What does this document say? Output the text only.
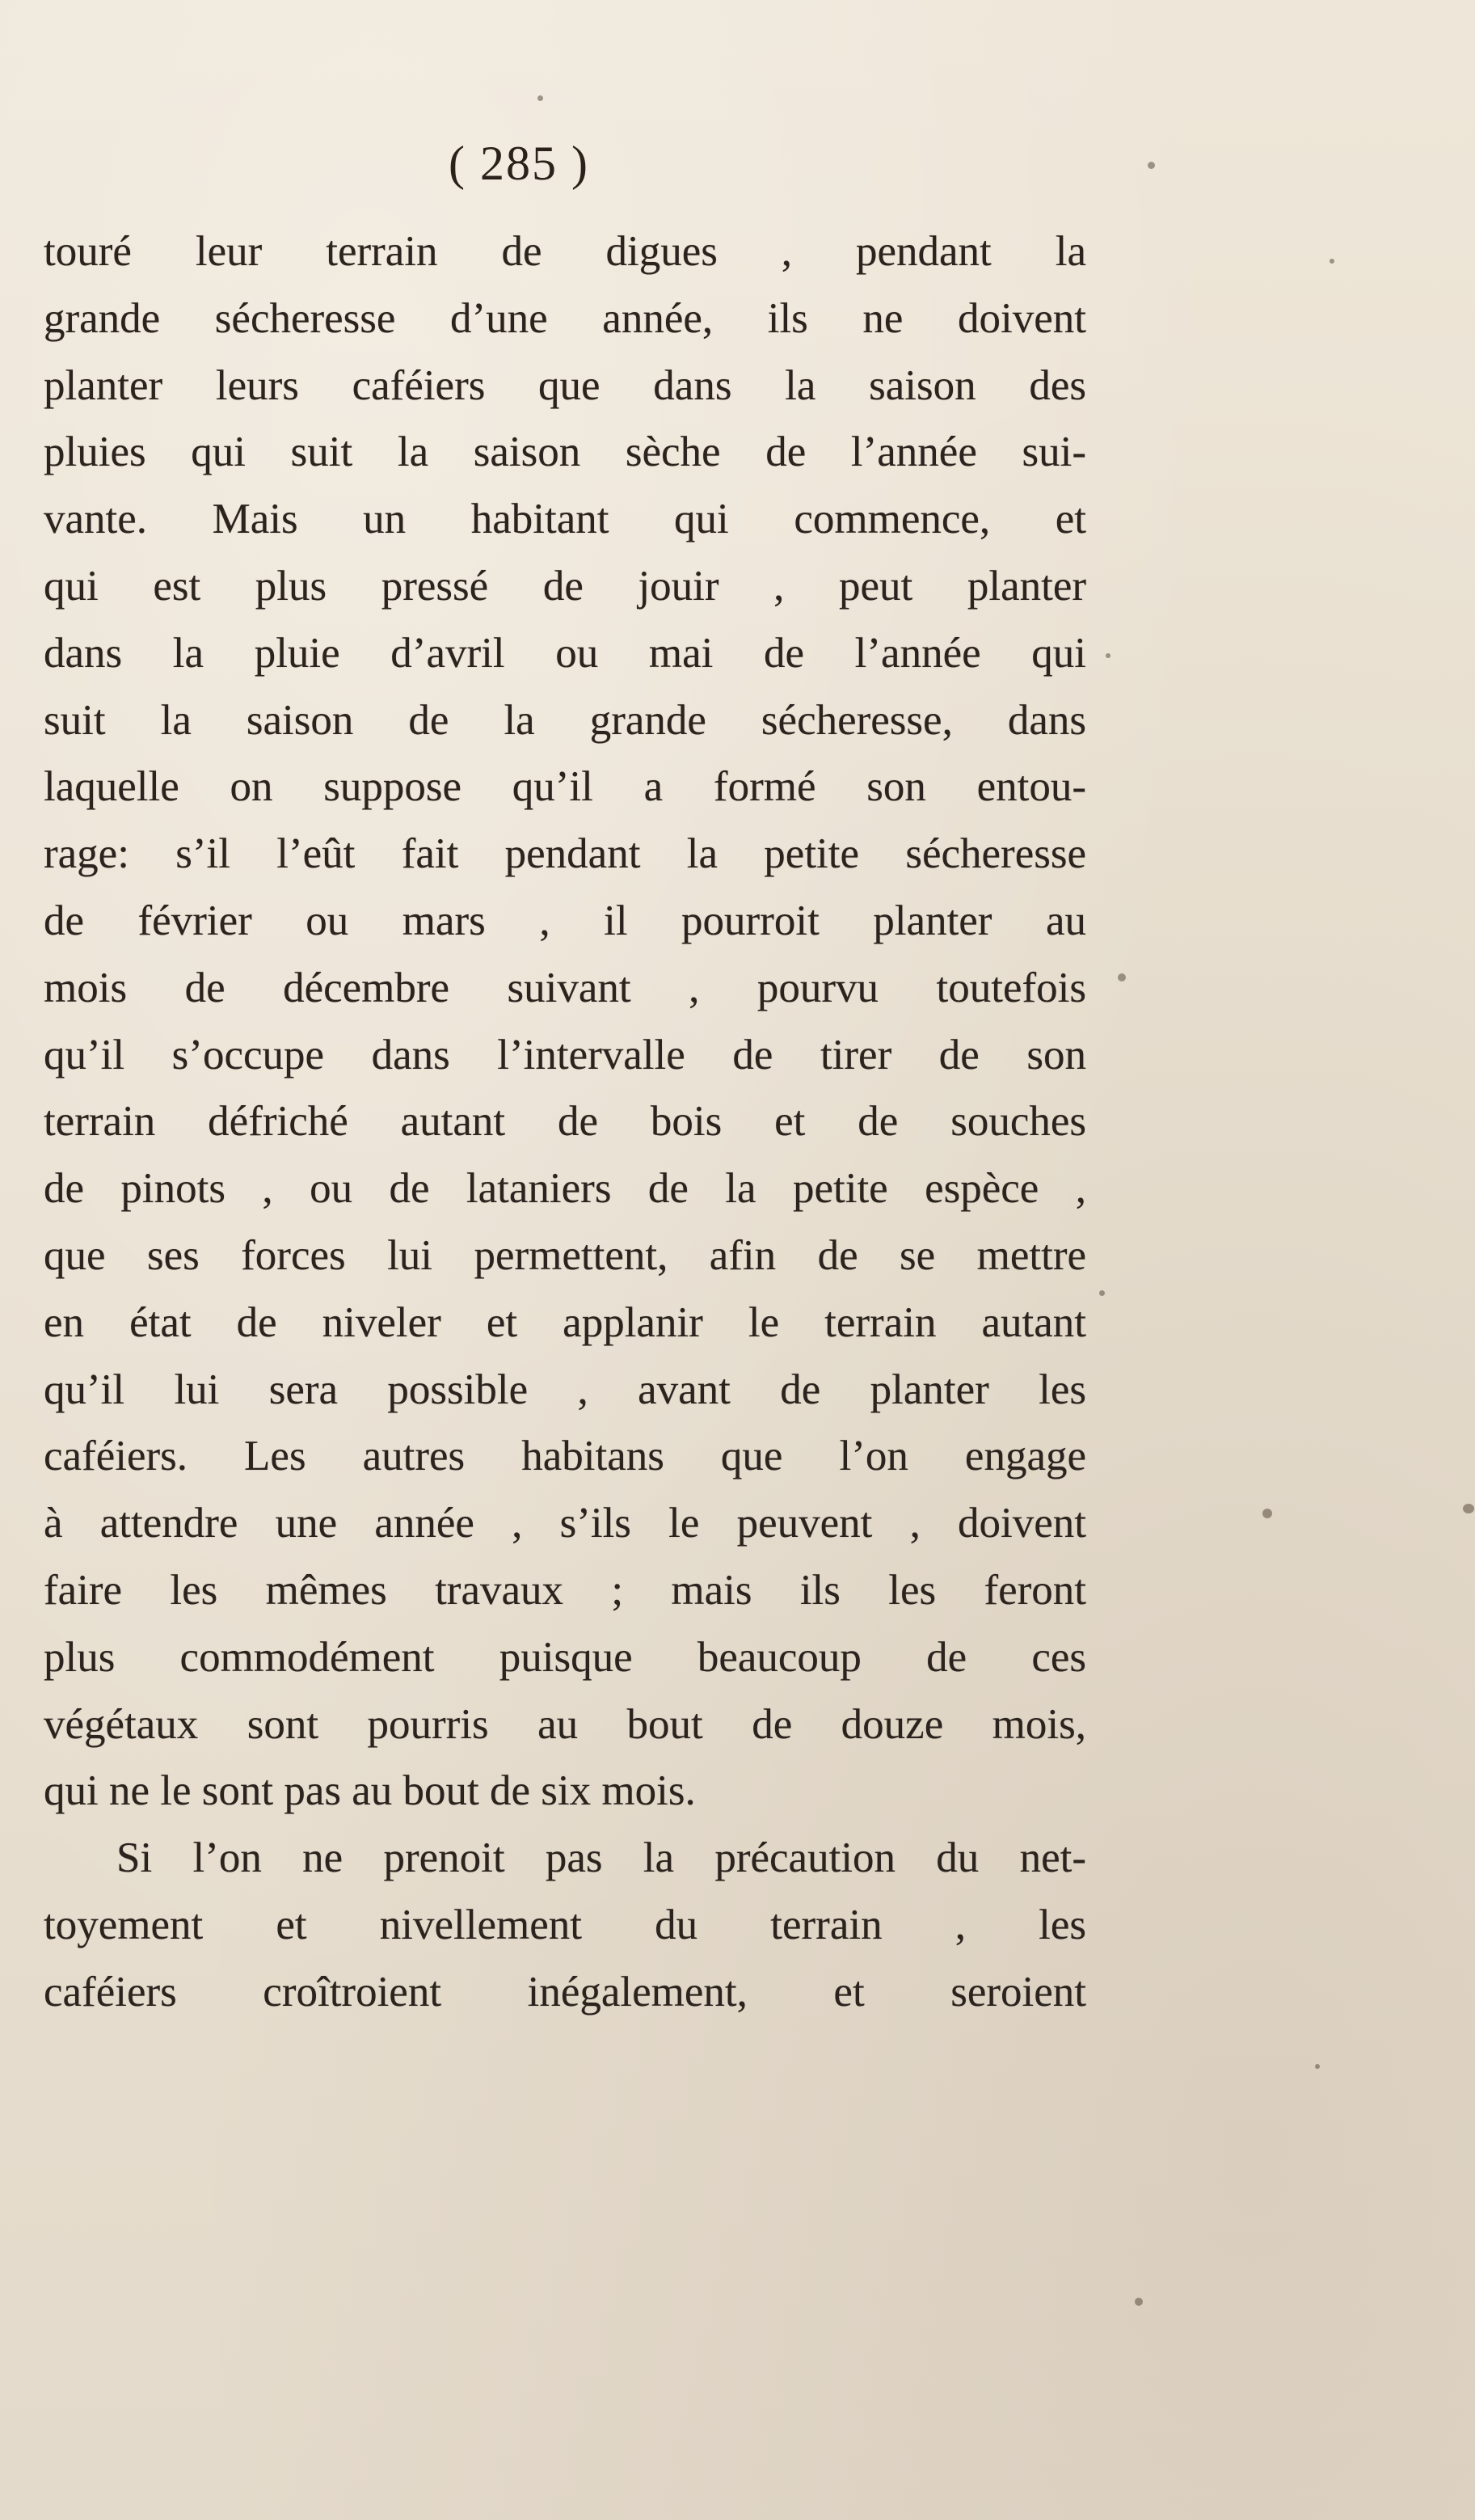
( 285 )
touré leur terrain de digues , pendant la
grande sécheresse d’une année, ils ne doivent
planter leurs caféiers que dans la saison des
pluies qui suit la saison sèche de l’année sui-
vante. Mais un habitant qui commence, et
qui est plus pressé de jouir , peut planter
dans la pluie d’avril ou mai de l’année qui
suit la saison de la grande sécheresse, dans
laquelle on suppose qu’il a formé son entou-
rage: s’il l’eût fait pendant la petite sécheresse
de février ou mars , il pourroit planter au
mois de décembre suivant , pourvu toutefois
qu’il s’occupe dans l’intervalle de tirer de son
terrain défriché autant de bois et de souches
de pinots , ou de lataniers de la petite espèce ,
que ses forces lui permettent, afin de se mettre
en état de niveler et applanir le terrain autant
qu’il lui sera possible , avant de planter les
caféiers. Les autres habitans que l’on engage
à attendre une année , s’ils le peuvent , doivent
faire les mêmes travaux ; mais ils les feront
plus commodément puisque beaucoup de ces
végétaux sont pourris au bout de douze mois,
qui ne le sont pas au bout de six mois.
Si l’on ne prenoit pas la précaution du net-
toyement et nivellement du terrain , les
caféiers croîtroient inégalement, et seroient
